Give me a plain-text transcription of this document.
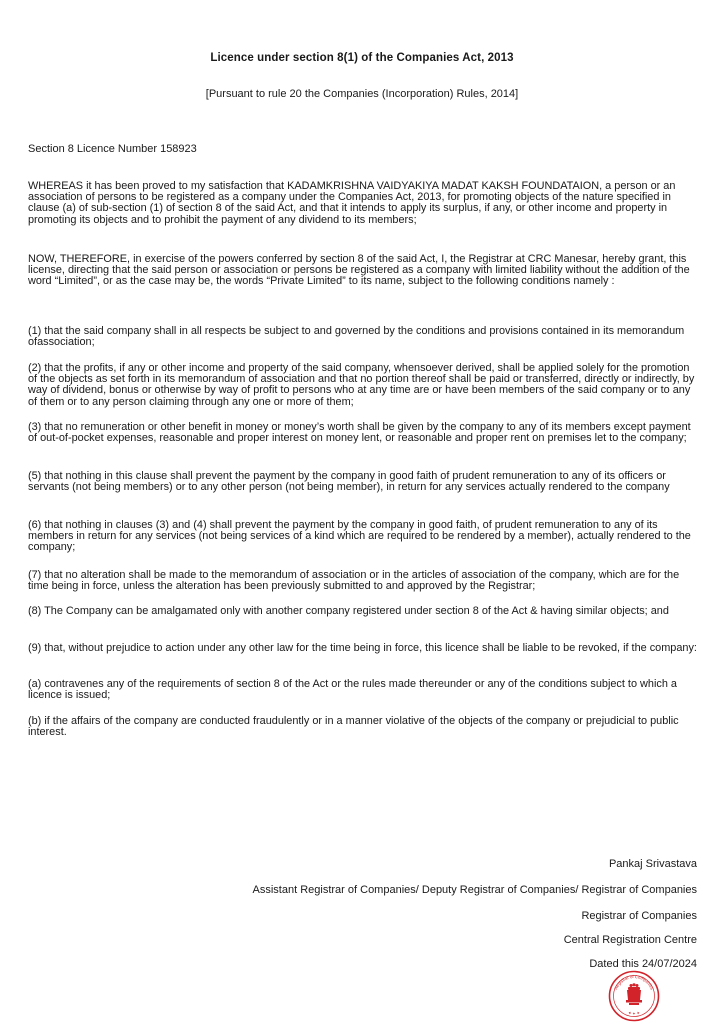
Licence under section 8(1) of the Companies Act, 2013
[Pursuant to rule 20 the Companies (Incorporation) Rules, 2014]
Section 8 Licence Number 158923

WHEREAS it has been proved to my satisfaction that KADAMKRISHNA VAIDYAKIYA MADAT KAKSH FOUNDATAION, a person or an association of persons to be registered as a company under the Companies Act, 2013, for promoting objects of the nature specified in clause (a) of sub-section (1) of section 8 of the said Act, and that it intends to apply its surplus, if any, or other income and property in promoting its objects and to prohibit the payment of any dividend to its members;

NOW, THEREFORE, in exercise of the powers conferred by section 8 of the said Act, I, the Registrar at CRC Manesar, hereby grant, this license, directing that the said person or association or persons be registered as a company with limited liability without the addition of the word “Limited”, or as the case may be, the words “Private Limited” to its name, subject to the following conditions namely :

(1) that the said company shall in all respects be subject to and governed by the conditions and provisions contained in its memorandum ofassociation;

(2) that the profits, if any or other income and property of the said company, whensoever derived, shall be applied solely for the promotion of the objects as set forth in its memorandum of association and that no portion thereof shall be paid or transferred, directly or indirectly, by way of dividend, bonus or otherwise by way of profit to persons who at any time are or have been members of the said company or to any of them or to any person claiming through any one or more of them;

(3) that no remuneration or other benefit in money or money’s worth shall be given by the company to any of its members except payment of out-of-pocket expenses, reasonable and proper interest on money lent, or reasonable and proper rent on premises let to the company;

(5) that nothing in this clause shall prevent the payment by the company in good faith of prudent remuneration to any of its officers or servants (not being members) or to any other person (not being member), in return for any services actually rendered to the company

(6) that nothing in clauses (3) and (4) shall prevent the payment by the company in good faith, of prudent remuneration to any of its members in return for any services (not being services of a kind which are required to be rendered by a member), actually rendered to the company;

(7) that no alteration shall be made to the memorandum of association or in the articles of association of the company, which are for the time being in force, unless the alteration has been previously submitted to and approved by the Registrar;

(8) The Company can be amalgamated only with another company registered under section 8 of the Act & having similar objects; and

(9) that, without prejudice to action under any other law for the time being in force, this licence shall be liable to be revoked, if the company:

(a) contravenes any of the requirements of section 8 of the Act or the rules made thereunder or any of the conditions subject to which a licence is issued;

(b) if the affairs of the company are conducted fraudulently or in a manner violative of the objects of the company or prejudicial to public interest.

Pankaj Srivastava
Assistant Registrar of Companies/ Deputy Registrar of Companies/ Registrar of Companies
Registrar of Companies
Central Registration Centre
Dated this 24/07/2024
Registrar of Companies
✦ ✦ ✦
